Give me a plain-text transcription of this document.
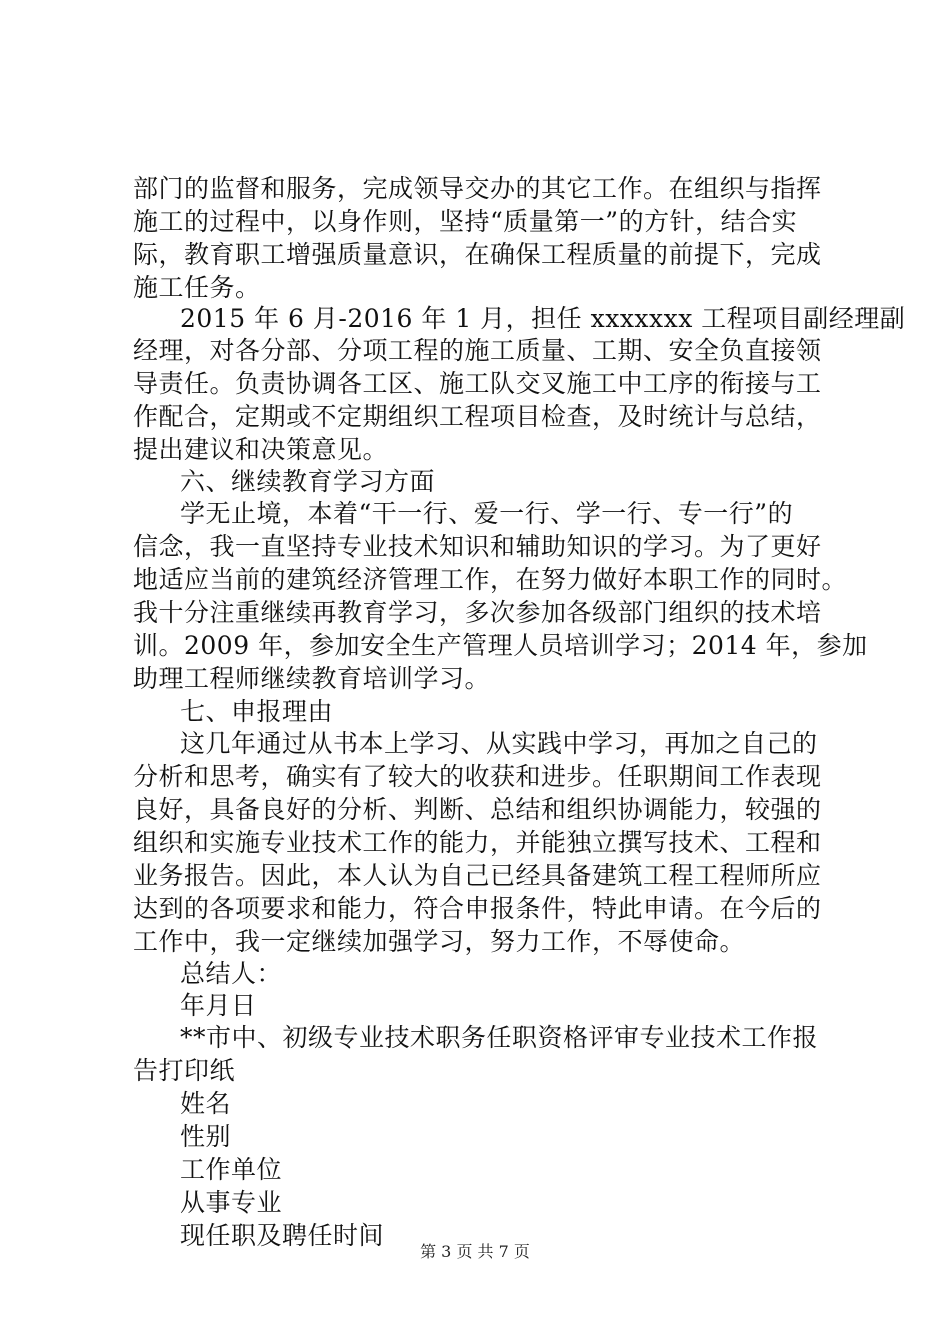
部门的监督和服务，完成领导交办的其它工作。在组织与指挥
施工的过程中，以身作则，坚持“质量第一”的方针，结合实
际，教育职工增强质量意识，在确保工程质量的前提下，完成
施工任务。
2015 年 6 月-2016 年 1 月，担任 xxxxxxx 工程项目副经理副
经理，对各分部、分项工程的施工质量、工期、安全负直接领
导责任。负责协调各工区、施工队交叉施工中工序的衔接与工
作配合，定期或不定期组织工程项目检查，及时统计与总结，
提出建议和决策意见。
六、继续教育学习方面
学无止境，本着“干一行、爱一行、学一行、专一行”的
信念，我一直坚持专业技术知识和辅助知识的学习。为了更好
地适应当前的建筑经济管理工作，在努力做好本职工作的同时。
我十分注重继续再教育学习，多次参加各级部门组织的技术培
训。2009 年，参加安全生产管理人员培训学习；2014 年，参加
助理工程师继续教育培训学习。
七、申报理由
这几年通过从书本上学习、从实践中学习，再加之自己的
分析和思考，确实有了较大的收获和进步。任职期间工作表现
良好，具备良好的分析、判断、总结和组织协调能力，较强的
组织和实施专业技术工作的能力，并能独立撰写技术、工程和
业务报告。因此，本人认为自己已经具备建筑工程工程师所应
达到的各项要求和能力，符合申报条件，特此申请。在今后的
工作中，我一定继续加强学习，努力工作，不辱使命。
总结人：
年月日
**市中、初级专业技术职务任职资格评审专业技术工作报
告打印纸
姓名
性别
工作单位
从事专业
现任职及聘任时间
第 3 页 共 7 页
